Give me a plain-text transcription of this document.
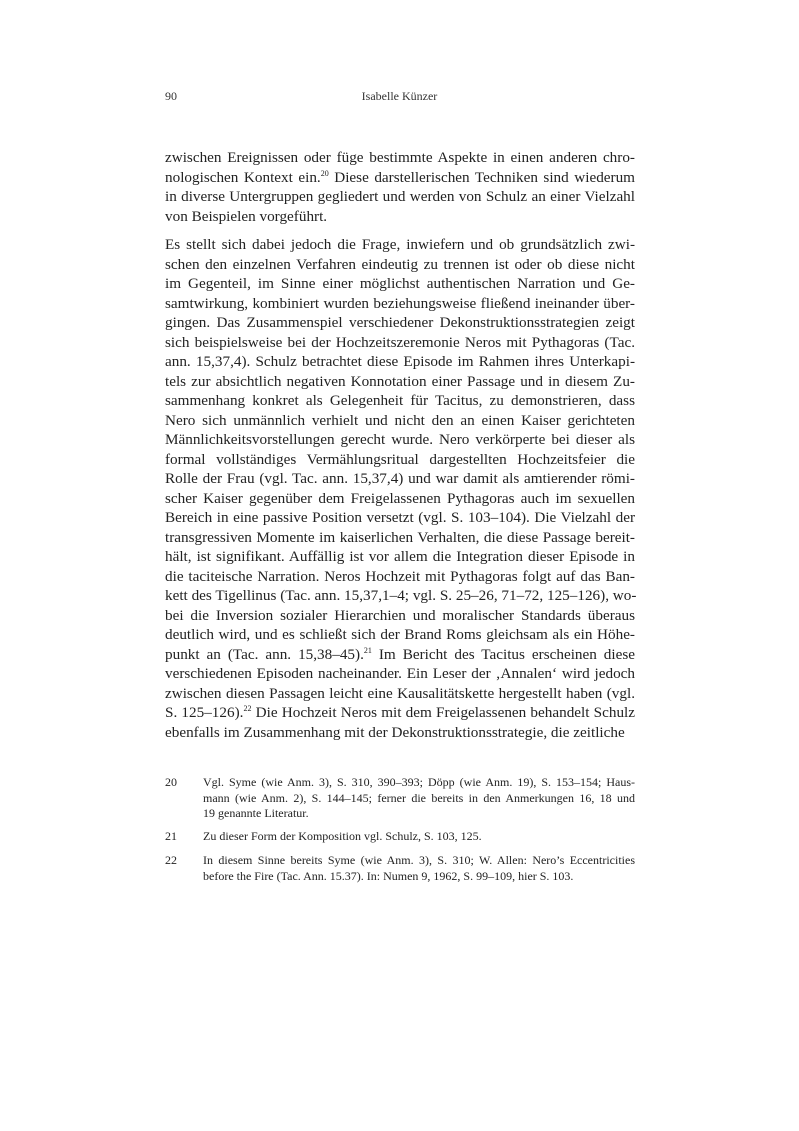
90	Isabelle Künzer
zwischen Ereignissen oder füge bestimmte Aspekte in einen anderen chro-
nologischen Kontext ein.$^{20}$ Diese darstellerischen Techniken sind wiederum
in diverse Untergruppen gegliedert und werden von Schulz an einer Vielzahl
von Beispielen vorgeführt.
Es stellt sich dabei jedoch die Frage, inwiefern und ob grundsätzlich zwi-
schen den einzelnen Verfahren eindeutig zu trennen ist oder ob diese nicht
im Gegenteil, im Sinne einer möglichst authentischen Narration und Ge-
samtwirkung, kombiniert wurden beziehungsweise fließend ineinander über-
gingen. Das Zusammenspiel verschiedener Dekonstruktionsstrategien zeigt
sich beispielsweise bei der Hochzeitszeremonie Neros mit Pythagoras (Tac.
ann. 15,37,4). Schulz betrachtet diese Episode im Rahmen ihres Unterkapi-
tels zur absichtlich negativen Konnotation einer Passage und in diesem Zu-
sammenhang konkret als Gelegenheit für Tacitus, zu demonstrieren, dass
Nero sich unmännlich verhielt und nicht den an einen Kaiser gerichteten
Männlichkeitsvorstellungen gerecht wurde. Nero verkörperte bei dieser als
formal vollständiges Vermählungsritual dargestellten Hochzeitsfeier die
Rolle der Frau (vgl. Tac. ann. 15,37,4) und war damit als amtierender römi-
scher Kaiser gegenüber dem Freigelassenen Pythagoras auch im sexuellen
Bereich in eine passive Position versetzt (vgl. S. 103–104). Die Vielzahl der
transgressiven Momente im kaiserlichen Verhalten, die diese Passage bereit-
hält, ist signifikant. Auffällig ist vor allem die Integration dieser Episode in
die taciteische Narration. Neros Hochzeit mit Pythagoras folgt auf das Ban-
kett des Tigellinus (Tac. ann. 15,37,1–4; vgl. S. 25–26, 71–72, 125–126), wo-
bei die Inversion sozialer Hierarchien und moralischer Standards überaus
deutlich wird, und es schließt sich der Brand Roms gleichsam als ein Höhe-
punkt an (Tac. ann. 15,38–45).$^{21}$ Im Bericht des Tacitus erscheinen diese
verschiedenen Episoden nacheinander. Ein Leser der ‚Annalen‘ wird jedoch
zwischen diesen Passagen leicht eine Kausalitätskette hergestellt haben (vgl.
S. 125–126).$^{22}$ Die Hochzeit Neros mit dem Freigelassenen behandelt Schulz
ebenfalls im Zusammenhang mit der Dekonstruktionsstrategie, die zeitliche
20 Vgl. Syme (wie Anm. 3), S. 310, 390–393; Döpp (wie Anm. 19), S. 153–154; Haus-
mann (wie Anm. 2), S. 144–145; ferner die bereits in den Anmerkungen 16, 18 und
19 genannte Literatur.
21 Zu dieser Form der Komposition vgl. Schulz, S. 103, 125.
22 In diesem Sinne bereits Syme (wie Anm. 3), S. 310; W. Allen: Nero’s Eccentricities
before the Fire (Tac. Ann. 15.37). In: Numen 9, 1962, S. 99–109, hier S. 103.
